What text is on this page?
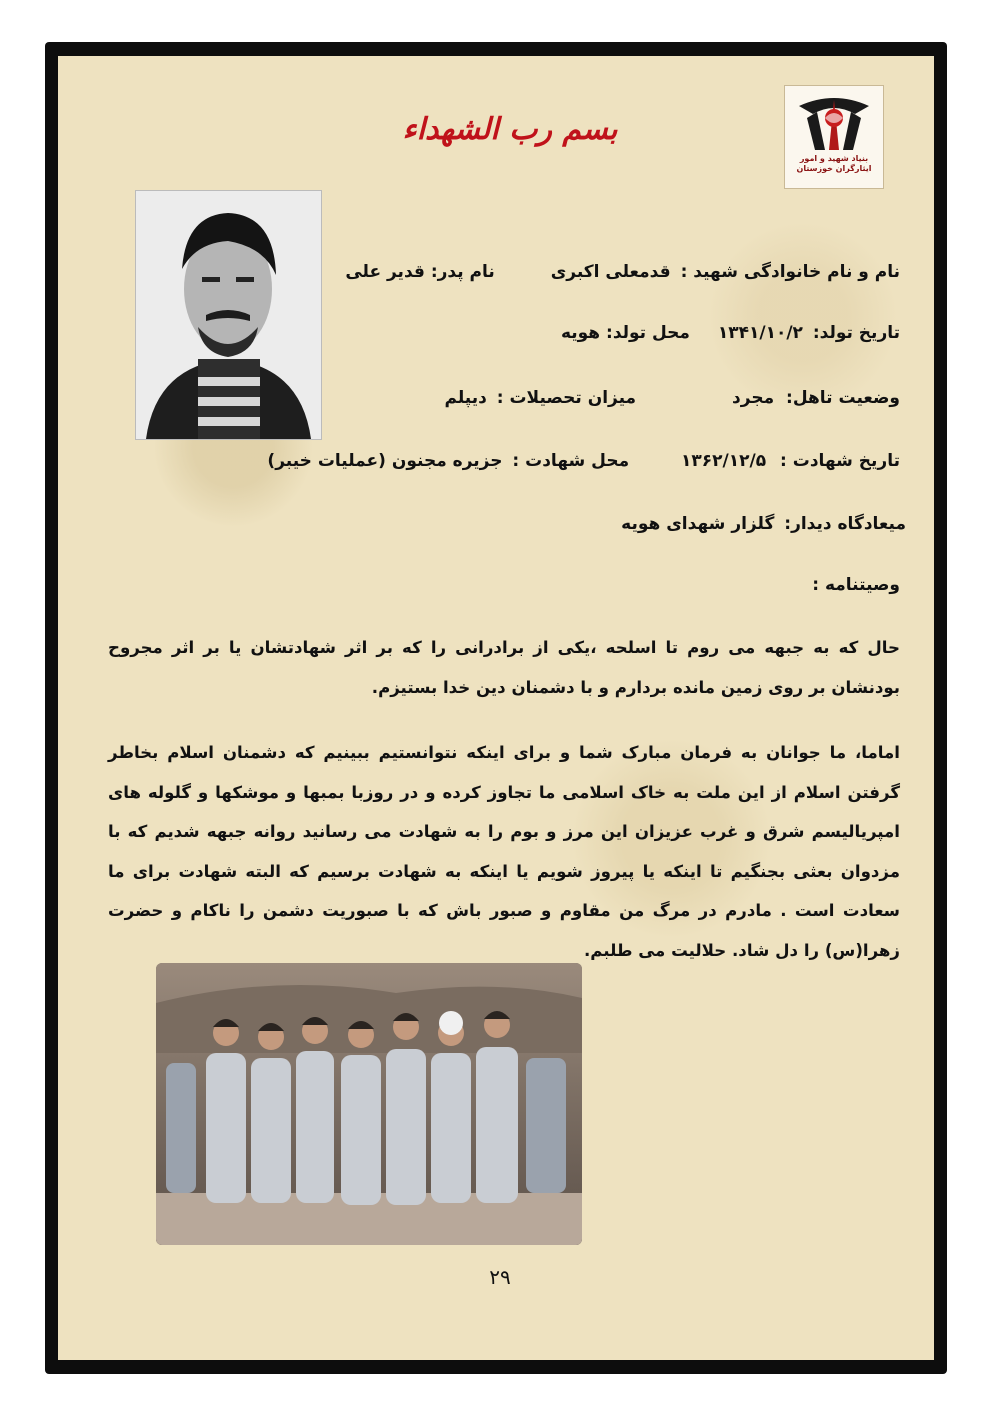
بسم رب الشهداء
بنیاد شهید و امور ایثارگران خوزستان
نام و نام خانوادگی شهید : قدمعلی اکبری نام پدر: قدیر علی
تاریخ تولد: ۱۳۴۱/۱۰/۲ محل تولد: هویه
وضعیت تاهل: مجرد میزان تحصیلات : دیپلم
تاریخ شهادت : ۱۳۶۲/۱۲/۵ محل شهادت : جزیره مجنون (عملیات خیبر)
میعادگاه دیدار: گلزار شهدای هویه
وصیتنامه :
حال که به جبهه می روم تا اسلحه ،یکی از برادرانی را که بر اثر شهادتشان یا بر اثر مجروح بودنشان بر روی زمین مانده بردارم و با دشمنان دین خدا بستیزم.
اماما، ما جوانان به فرمان مبارک شما و برای اینکه نتوانستیم ببینیم که دشمنان اسلام بخاطر گرفتن اسلام از این ملت به خاک اسلامی ما تجاوز کرده و در روزبا بمبها و موشکها و گلوله های امپریالیسم شرق و غرب عزیزان این مرز و بوم را به شهادت می رسانید روانه جبهه شدیم که با مزدوان بعثی بجنگیم تا اینکه یا پیروز شویم یا اینکه به شهادت برسیم که البته شهادت برای ما سعادت است . مادرم در مرگ من مقاوم و صبور باش که با صبوریت دشمن را ناکام و حضرت زهرا(س) را دل شاد. حلالیت می طلبم.
۲۹
